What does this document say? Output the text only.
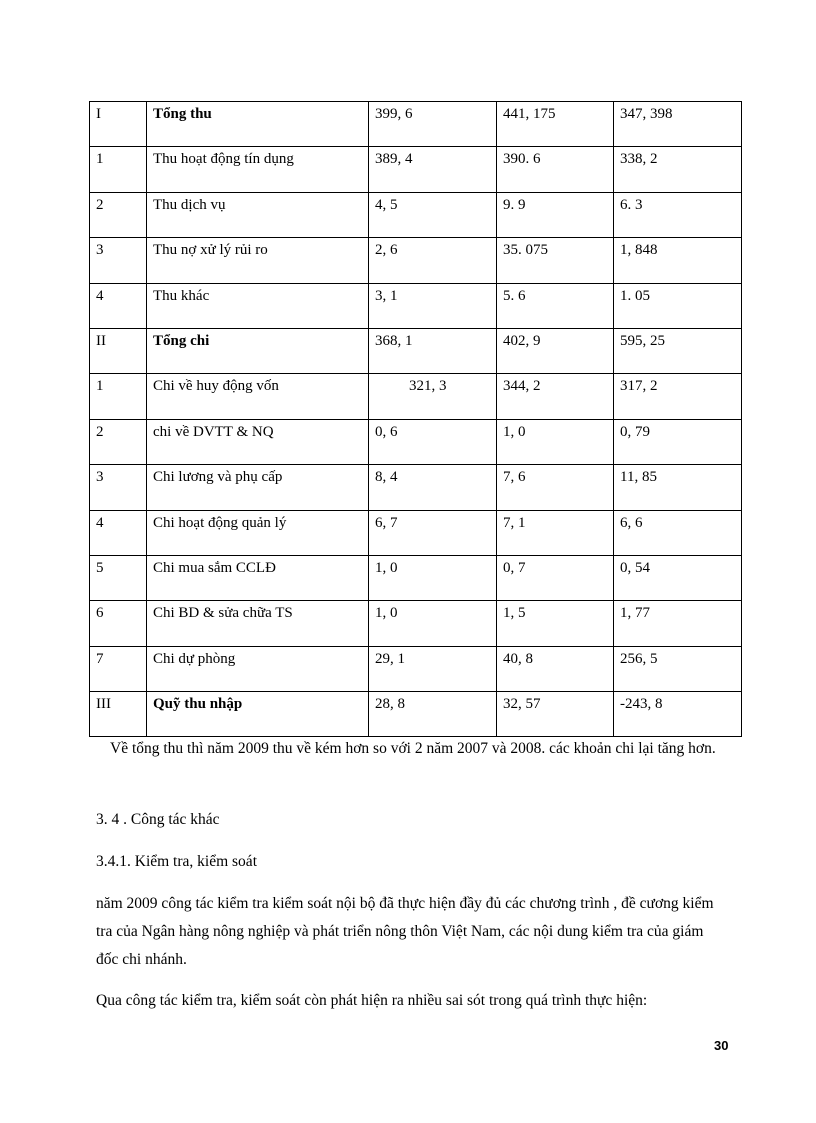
I	Tổng thu	399, 6	441, 175	347, 398
1	Thu hoạt động tín dụng	389, 4	390. 6	338, 2
2	Thu dịch vụ	4, 5	9. 9	6. 3
3	Thu nợ xử lý rủi ro	2, 6	35. 075	1, 848
4	Thu khác	3, 1	5. 6	1. 05
II	Tổng chi	368, 1	402, 9	595, 25
1	Chi về huy động vốn	321, 3	344, 2	317, 2
2	chi về DVTT & NQ	0, 6	1, 0	0, 79
3	Chi lương và phụ cấp	8, 4	7, 6	11, 85
4	Chi hoạt động quản lý	6, 7	7, 1	6, 6
5	Chi mua sắm CCLĐ	1, 0	0, 7	0, 54
6	Chi BD & sửa chữa TS	1, 0	1, 5	1, 77
7	Chi dự phòng	29, 1	40, 8	256, 5
III	Quỹ thu nhập	28, 8	32, 57	-243, 8

Về tổng thu thì năm 2009 thu về kém hơn so với 2 năm 2007 và 2008. các khoản chi lại tăng hơn.

3. 4 . Công tác khác

3.4.1. Kiểm tra, kiểm soát

năm 2009 công tác kiểm tra kiểm soát nội bộ đã thực hiện đầy đủ các chương trình , đề cương kiểm tra của Ngân hàng nông nghiệp và phát triển nông thôn Việt Nam, các nội dung kiểm tra của giám đốc chi nhánh.

Qua công tác kiểm tra, kiểm soát còn phát hiện ra nhiều sai sót trong quá trình thực hiện:

30
